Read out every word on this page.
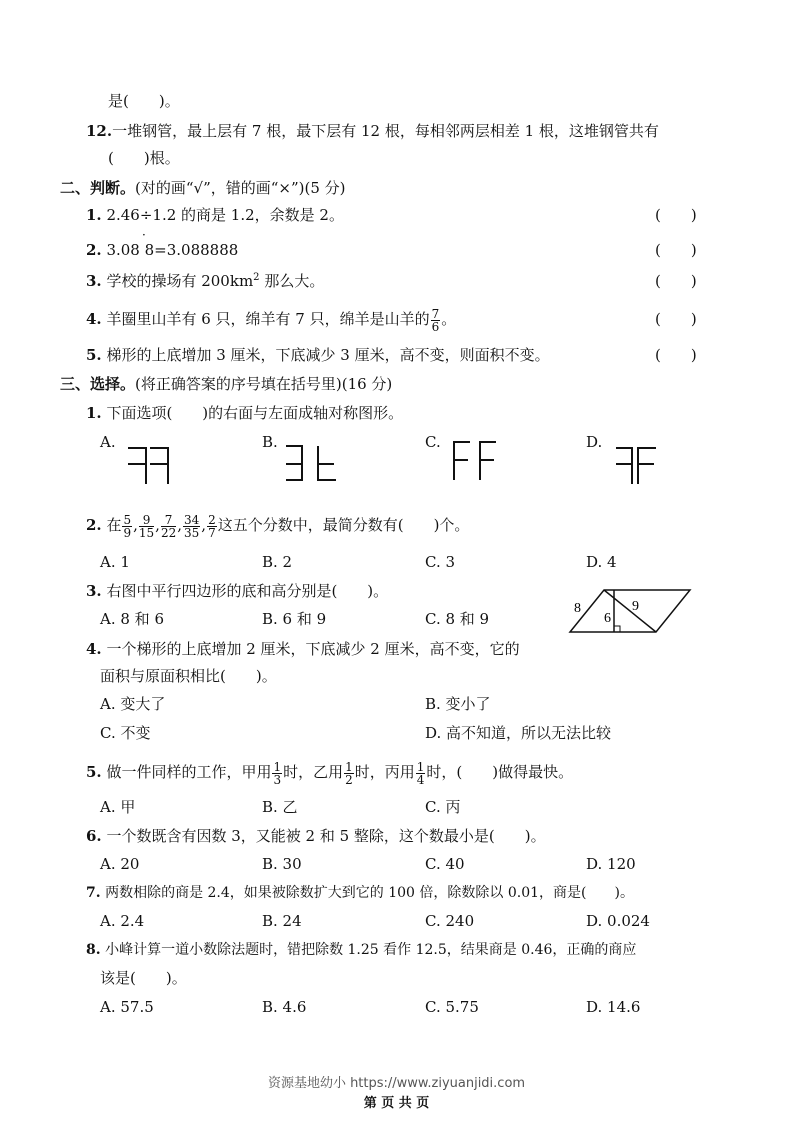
是(　　)。
12.一堆钢管，最上层有 7 根，最下层有 12 根，每相邻两层相差 1 根，这堆钢管共有
(　　)根。
二、判断。(对的画“√”，错的画“×”)(5 分)
1. 2.46÷1.2 的商是 1.2，余数是 2。	(　　)
·
2. 3.08 8=3.088888	(　　)
3. 学校的操场有 $200km^2$ 那么大。	(　　)
4. 羊圈里山羊有 6 只，绵羊有 7 只，绵羊是山羊的 $\frac{7}{6}$ 。	(　　)
5. 梯形的上底增加 3 厘米，下底减少 3 厘米，高不变，则面积不变。	(　　)
三、选择。(将正确答案的序号填在括号里)(16 分)
1. 下面选项(　　)的右面与左面成轴对称图形。
A.	B.	C.	D.
2. 在 $\frac{5}{9}$ , $\frac{9}{15}$ , $\frac{7}{22}$ , $\frac{34}{35}$ , $\frac{2}{7}$ 这五个分数中，最简分数有(　　)个。
A. 1	B. 2	C. 3	D. 4
3. 右图中平行四边形的底和高分别是(　　)。
A. 8 和 6	B. 6 和 9	C. 8 和 9
8
6
9
4. 一个梯形的上底增加 2 厘米，下底减少 2 厘米，高不变，它的
面积与原面积相比(　　)。
A. 变大了	B. 变小了
C. 不变	D. 高不知道，所以无法比较
5. 做一件同样的工作，甲用 $\frac{1}{3}$ 时，乙用 $\frac{1}{2}$ 时，丙用 $\frac{1}{4}$ 时，(　　)做得最快。
A. 甲	B. 乙	C. 丙
6. 一个数既含有因数 3，又能被 2 和 5 整除，这个数最小是(　　)。
A. 20	B. 30	C. 40	D. 120
7. 两数相除的商是 2.4，如果被除数扩大到它的 100 倍，除数除以 0.01，商是(　　)。
A. 2.4	B. 24	C. 240	D. 0.024
8. 小峰计算一道小数除法题时，错把除数 1.25 看作 12.5，结果商是 0.46，正确的商应
该是(　　)。
A. 57.5	B. 4.6	C. 5.75	D. 14.6
资源基地幼小 https://www.ziyuanjidi.com
第 页 共 页
